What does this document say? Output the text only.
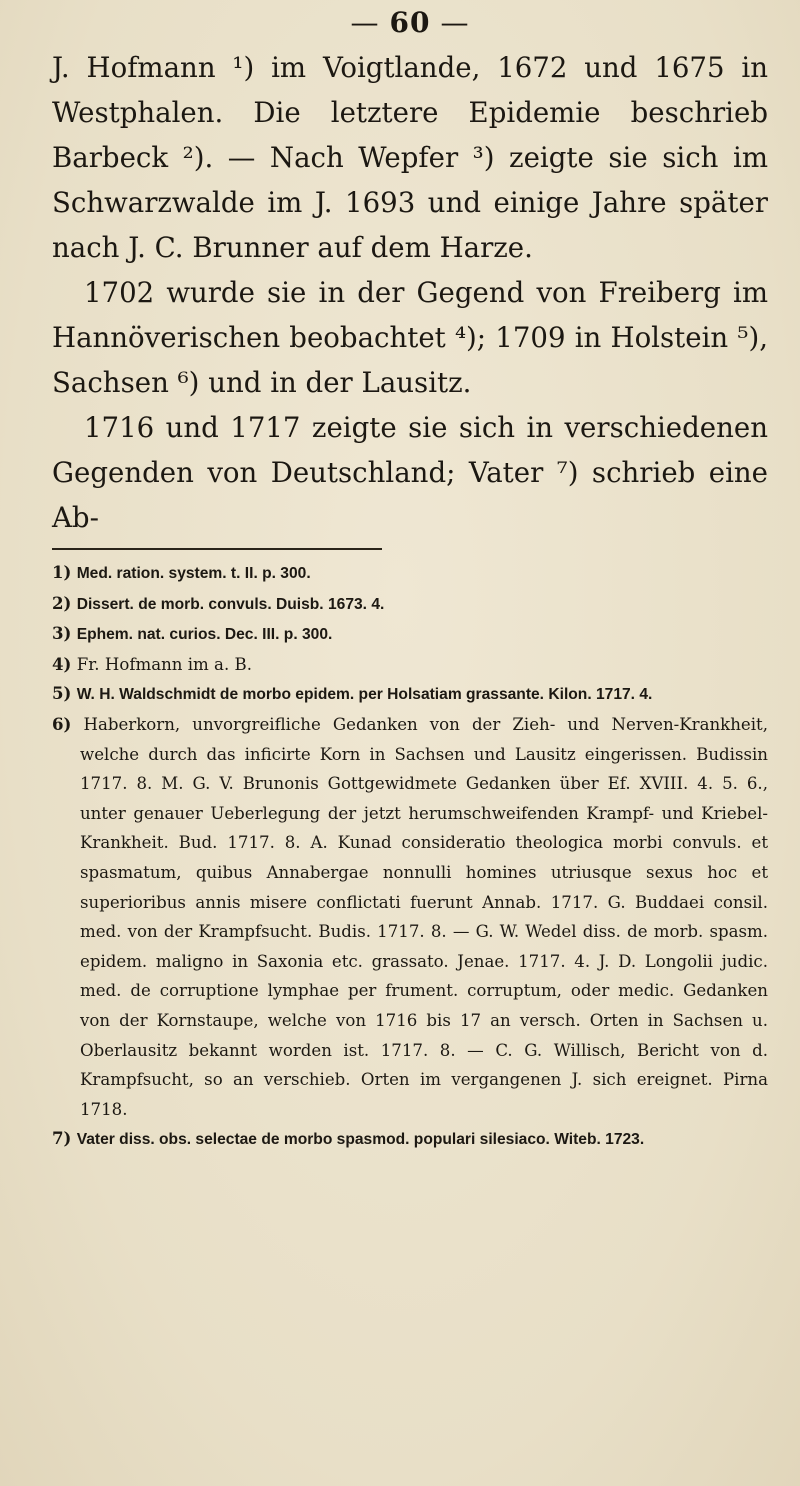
— 60 —

J. Hofmann ¹) im Voigtlande, 1672 und 1675 in Westphalen. Die letztere Epidemie beschrieb Barbeck ²). — Nach Wepfer ³) zeigte sie sich im Schwarzwalde im J. 1693 und einige Jahre später nach J. C. Brunner auf dem Harze.

1702 wurde sie in der Gegend von Freiberg im Hannöverischen beobachtet ⁴); 1709 in Holstein ⁵), Sachsen ⁶) und in der Lausitz.

1716 und 1717 zeigte sie sich in verschiedenen Gegenden von Deutschland; Vater ⁷) schrieb eine Ab-

1) Med. ration. system. t. II. p. 300.
2) Dissert. de morb. convuls. Duisb. 1673. 4.
3) Ephem. nat. curios. Dec. III. p. 300.
4) Fr. Hofmann im a. B.
5) W. H. Waldschmidt de morbo epidem. per Holsatiam grassante. Kilon. 1717. 4.
6) Haberkorn, unvorgreifliche Gedanken von der Zieh- und Nerven-Krankheit, welche durch das inficirte Korn in Sachsen und Lausitz eingerissen. Budissin 1717. 8. M. G. V. Brunonis Gottgewidmete Gedanken über Ef. XVIII. 4. 5. 6., unter genauer Ueberlegung der jetzt herumschweifenden Krampf- und Kriebel-Krankheit. Bud. 1717. 8. A. Kunad consideratio theologica morbi convuls. et spasmatum, quibus Annabergae nonnulli homines utriusque sexus hoc et superioribus annis misere conflictati fuerunt Annab. 1717. G. Buddaei consil. med. von der Krampfsucht. Budis. 1717. 8. — G. W. Wedel diss. de morb. spasm. epidem. maligno in Saxonia etc. grassato. Jenae. 1717. 4. J. D. Longolii judic. med. de corruptione lymphae per frument. corruptum, oder medic. Gedanken von der Kornstaupe, welche von 1716 bis 17 an versch. Orten in Sachsen u. Oberlausitz bekannt worden ist. 1717. 8. — C. G. Willisch, Bericht von d. Krampfsucht, so an verschieb. Orten im vergangenen J. sich ereignet. Pirna 1718.
7) Vater diss. obs. selectae de morbo spasmod. populari silesiaco. Witeb. 1723.
